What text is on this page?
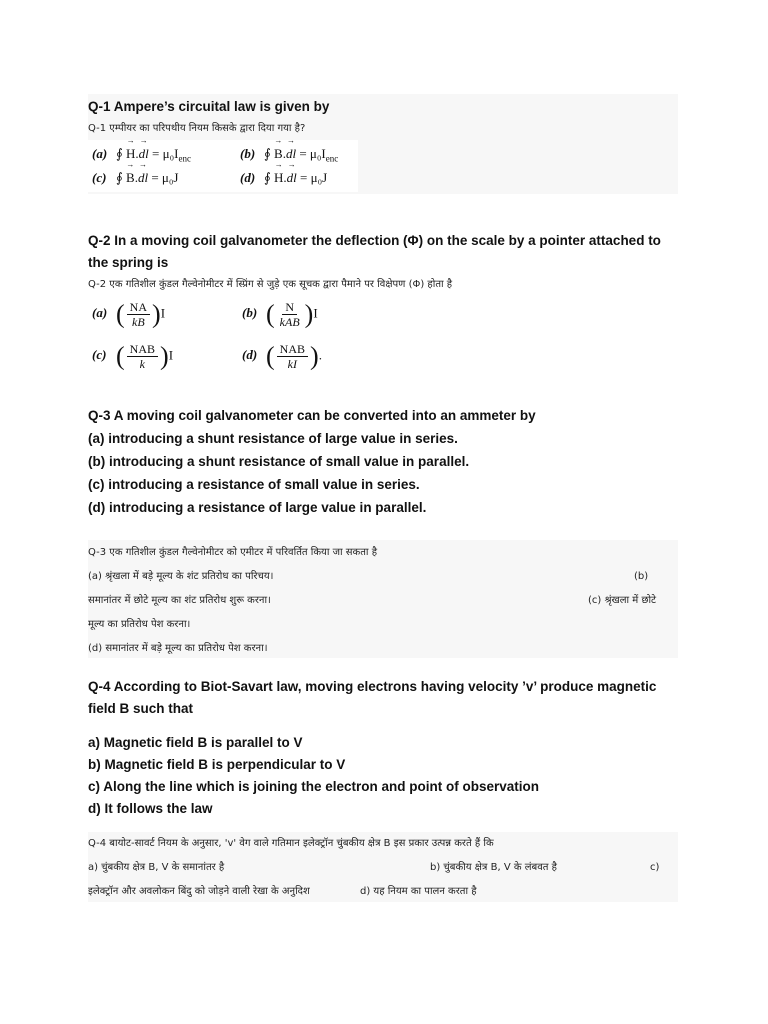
Q-1 Ampere’s circuital law is given by

Q-1 एम्पीयर का परिपथीय नियम किसके द्वारा दिया गया है?

(a) ∮ → H.→ dl = $\mu_0I_{enc}$	(b) ∮ → B.→ dl = $\mu_0I_{enc}$
(c) ∮ → B.→ dl = μ₀J	(d) ∮ → H.→ dl = μ₀J

Q-2 In a moving coil galvanometer the deflection (Φ) on the scale by a pointer attached to the spring is

Q-2 एक गतिशील कुंडल गैल्वेनोमीटर में स्प्रिंग से जुड़े एक सूचक द्वारा पैमाने पर विक्षेपण (Φ) होता है

(a) ( $\frac{NA}{kB} )I$	(b) ( $\frac{N}{\text{kAB}} )I$
(c) ( $\frac{\text{NAB}}{k} )I$	(d) ( $\frac{\text{NAB}}{kI}$ ).

Q-3 A moving coil galvanometer can be converted into an ammeter by

(a) introducing a shunt resistance of large value in series.

(b) introducing a shunt resistance of small value in parallel.

(c) introducing a resistance of small value in series.

(d) introducing a resistance of large value in parallel.

Q-3 एक गतिशील कुंडल गैल्वेनोमीटर को एमीटर में परिवर्तित किया जा सकता है
(a) श्रृंखला में बड़े मूल्य के शंट प्रतिरोध का परिचय।	(b)
समानांतर में छोटे मूल्य का शंट प्रतिरोध शुरू करना।	(c) श्रृंखला में छोटे
मूल्य का प्रतिरोध पेश करना।
(d) समानांतर में बड़े मूल्य का प्रतिरोध पेश करना।

Q-4 According to Biot-Savart law, moving electrons having velocity ’v’ produce magnetic field B such that

a) Magnetic field B is parallel to V

b) Magnetic field B is perpendicular to V

c) Along the line which is joining the electron and point of observation

d) It follows the law

Q-4 बायोट-सावर्ट नियम के अनुसार, 'v' वेग वाले गतिमान इलेक्ट्रॉन चुंबकीय क्षेत्र B इस प्रकार उत्पन्न करते हैं कि
a) चुंबकीय क्षेत्र B, V के समानांतर है	b) चुंबकीय क्षेत्र B, V के लंबवत है	c)
इलेक्ट्रॉन और अवलोकन बिंदु को जोड़ने वाली रेखा के अनुदिश	d) यह नियम का पालन करता है
